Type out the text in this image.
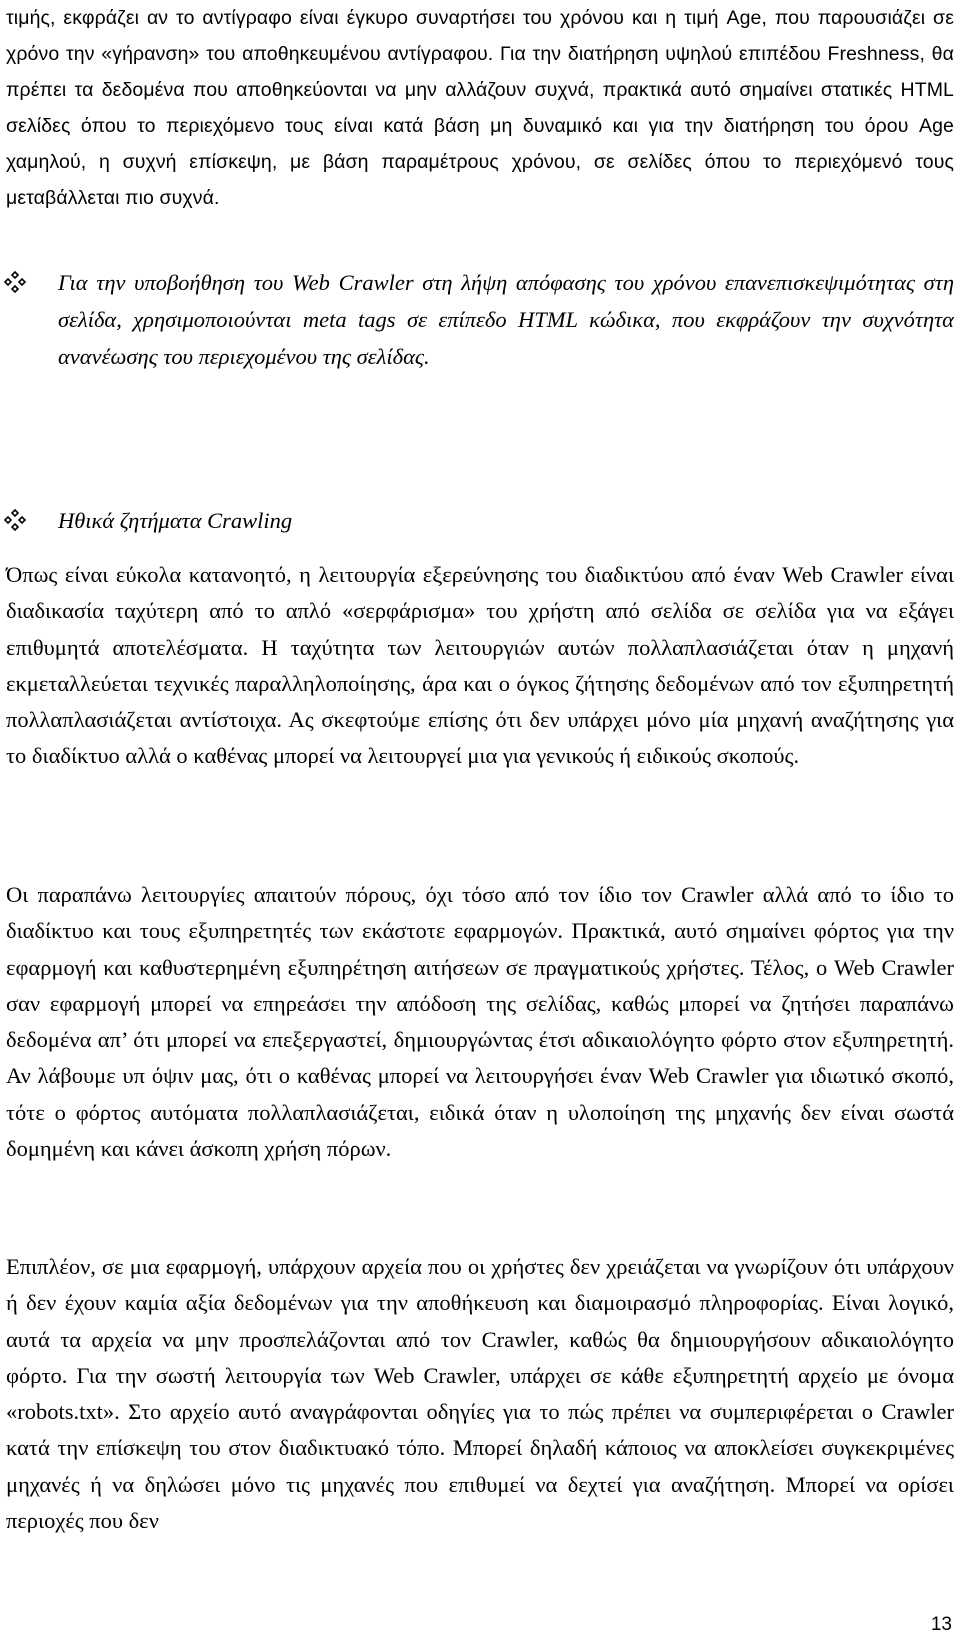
τιμής, εκφράζει αν το αντίγραφο είναι έγκυρο συναρτήσει του χρόνου και η τιμή Age, που παρουσιάζει σε χρόνο την «γήρανση» του αποθηκευμένου αντίγραφου. Για την διατήρηση υψηλού επιπέδου Freshness, θα πρέπει τα δεδομένα που αποθηκεύονται να μην αλλάζουν συχνά, πρακτικά αυτό σημαίνει στατικές HTML σελίδες όπου το περιεχόμενο τους είναι κατά βάση μη δυναμικό και για την διατήρηση του όρου Age χαμηλού, η συχνή επίσκεψη, με βάση παραμέτρους χρόνου, σε σελίδες όπου το περιεχόμενό τους μεταβάλλεται πιο συχνά.

Για την υποβοήθηση του Web Crawler στη λήψη απόφασης του χρόνου επανεπισκεψιμότητας στη σελίδα, χρησιμοποιούνται meta tags σε επίπεδο HTML κώδικα, που εκφράζουν την συχνότητα ανανέωσης του περιεχομένου της σελίδας.

Ηθικά ζητήματα Crawling

Όπως είναι εύκολα κατανοητό, η λειτουργία εξερεύνησης του διαδικτύου από έναν Web Crawler είναι διαδικασία ταχύτερη από το απλό «σερφάρισμα» του χρήστη από σελίδα σε σελίδα για να εξάγει επιθυμητά αποτελέσματα. Η ταχύτητα των λειτουργιών αυτών πολλαπλασιάζεται όταν η μηχανή εκμεταλλεύεται τεχνικές παραλληλοποίησης, άρα και ο όγκος ζήτησης δεδομένων από τον εξυπηρετητή πολλαπλασιάζεται αντίστοιχα. Ας σκεφτούμε επίσης ότι δεν υπάρχει μόνο μία μηχανή αναζήτησης για το διαδίκτυο αλλά ο καθένας μπορεί να λειτουργεί μια για γενικούς ή ειδικούς σκοπούς.

Οι παραπάνω λειτουργίες απαιτούν πόρους, όχι τόσο από τον ίδιο τον Crawler αλλά από το ίδιο το διαδίκτυο και τους εξυπηρετητές των εκάστοτε εφαρμογών. Πρακτικά, αυτό σημαίνει φόρτος για την εφαρμογή και καθυστερημένη εξυπηρέτηση αιτήσεων σε πραγματικούς χρήστες. Τέλος, ο Web Crawler σαν εφαρμογή μπορεί να επηρεάσει την απόδοση της σελίδας, καθώς μπορεί να ζητήσει παραπάνω δεδομένα απ’ ότι μπορεί να επεξεργαστεί, δημιουργώντας έτσι αδικαιολόγητο φόρτο στον εξυπηρετητή. Αν λάβουμε υπ όψιν μας, ότι ο καθένας μπορεί να λειτουργήσει έναν Web Crawler για ιδιωτικό σκοπό, τότε ο φόρτος αυτόματα πολλαπλασιάζεται, ειδικά όταν η υλοποίηση της μηχανής δεν είναι σωστά δομημένη και κάνει άσκοπη χρήση πόρων.

Επιπλέον, σε μια εφαρμογή, υπάρχουν αρχεία που οι χρήστες δεν χρειάζεται να γνωρίζουν ότι υπάρχουν ή δεν έχουν καμία αξία δεδομένων για την αποθήκευση και διαμοιρασμό πληροφορίας. Είναι λογικό, αυτά τα αρχεία να μην προσπελάζονται από τον Crawler, καθώς θα δημιουργήσουν αδικαιολόγητο φόρτο. Για την σωστή λειτουργία των Web Crawler, υπάρχει σε κάθε εξυπηρετητή αρχείο με όνομα «robots.txt». Στο αρχείο αυτό αναγράφονται οδηγίες για το πώς πρέπει να συμπεριφέρεται ο Crawler κατά την επίσκεψη του στον διαδικτυακό τόπο. Μπορεί δηλαδή κάποιος να αποκλείσει συγκεκριμένες μηχανές ή να δηλώσει μόνο τις μηχανές που επιθυμεί να δεχτεί για αναζήτηση. Μπορεί να ορίσει περιοχές που δεν

13
